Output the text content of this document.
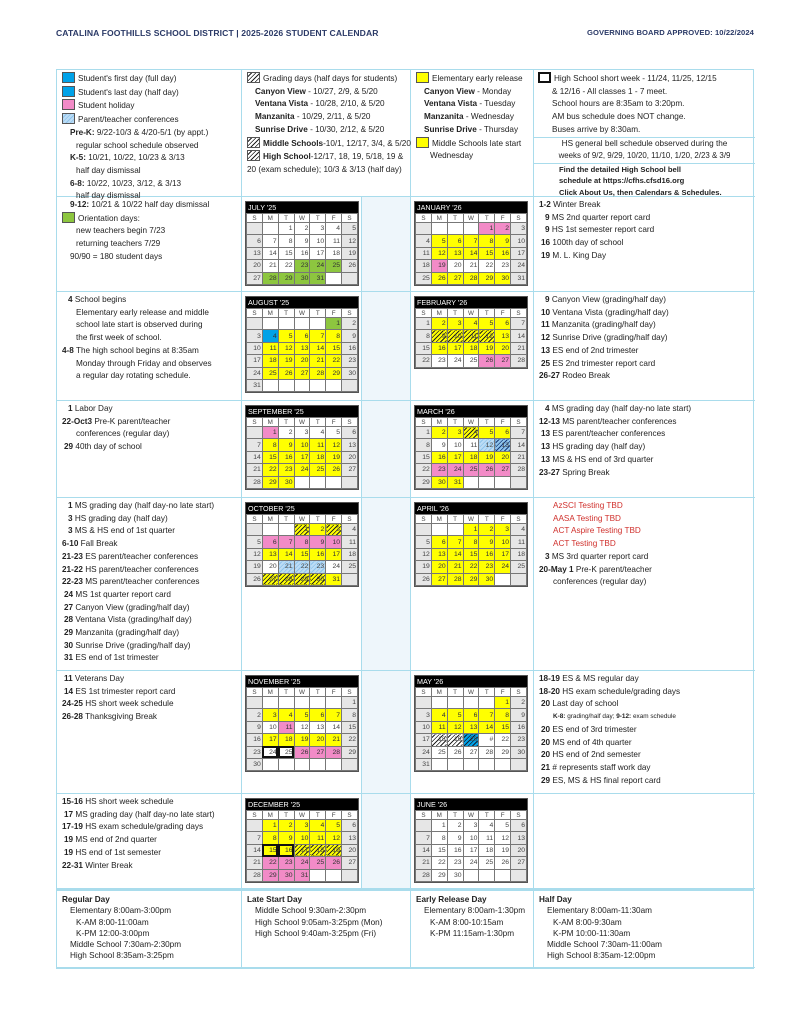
CATALINA FOOTHILLS SCHOOL DISTRICT | 2025-2026 STUDENT CALENDAR	GOVERNING BOARD APPROVED: 10/22/2024
Student's first day (full day)
Student's last day (half day)
Student holiday
Parent/teacher conferences
Pre-K: 9/22-10/3 & 4/20-5/1 (by appt.)
regular school schedule observed
K-5: 10/21, 10/22, 10/23 & 3/13
half day dismissal
6-8: 10/22, 10/23, 3/12, & 3/13
half day dismissal
Grading days (half days for students)
Canyon View - 10/27, 2/9, & 5/20
Ventana Vista - 10/28, 2/10, & 5/20
Manzanita - 10/29, 2/11, & 5/20
Sunrise Drive - 10/30, 2/12, & 5/20
Middle Schools-10/1, 12/17, 3/4, & 5/20
High School-12/17, 18, 19, 5/18, 19 &
20 (exam schedule); 10/3 & 3/13 (half day)
Elementary early release
Canyon View - Monday
Ventana Vista - Tuesday
Manzanita - Wednesday
Sunrise Drive - Thursday
Middle Schools late start
Wednesday
High School short week - 11/24, 11/25, 12/15
& 12/16 - All classes 1 - 7 meet.
School hours are 8:35am to 3:20pm.
AM bus schedule does NOT change.
Buses arrive by 8:30am.
HS general bell schedule observed during the
weeks of 9/2, 9/29, 10/20, 11/10, 1/20, 2/23 & 3/9
Find the detailed High School bell
schedule at https://cfhs.cfsd16.org
Click About Us, then Calendars & Schedules.
9-12: 10/21 & 10/22 half day dismissal
Orientation days:
new teachers begin 7/23
returning teachers 7/29
90/90 = 180 student days
JULY '25
S	M	T	W	T	F	S
		1	2	3	4	5
6	7	8	9	10	11	12
13	14	15	16	17	18	19
20	21	22	23	24	25	26
27	28	29	30	31		
JANUARY '26
S	M	T	W	T	F	S
				1	2	3
4	5	6	7	8	9	10
11	12	13	14	15	16	17
18	19	20	21	22	23	24
25	26	27	28	29	30	31
1-2 Winter Break
9 MS 2nd quarter report card
9 HS 1st semester report card
16 100th day of school
19 M. L. King Day
4 School begins
Elementary early release and middle
school late start is observed during
the first week of school.
4-8 The high school begins at 8:35am
Monday through Friday and observes
a regular day rotating schedule.
AUGUST '25
S	M	T	W	T	F	S
					1	2
3	4	5	6	7	8	9
10	11	12	13	14	15	16
17	18	19	20	21	22	23
24	25	26	27	28	29	30
31						
FEBRUARY '26
S	M	T	W	T	F	S
1	2	3	4	5	6	7
8	9	10	11	12	13	14
15	16	17	18	19	20	21
22	23	24	25	26	27	28
9 Canyon View (grading/half day)
10 Ventana Vista (grading/half day)
11 Manzanita (grading/half day)
12 Sunrise Drive (grading/half day)
13 ES end of 2nd trimester
25 ES 2nd trimester report card
26-27 Rodeo Break
1 Labor Day
22-Oct3 Pre-K parent/teacher
conferences (regular day)
29 40th day of school
SEPTEMBER '25
S	M	T	W	T	F	S
	1	2	3	4	5	6
7	8	9	10	11	12	13
14	15	16	17	18	19	20
21	22	23	24	25	26	27
28	29	30				
MARCH '26
S	M	T	W	T	F	S
1	2	3	4	5	6	7
8	9	10	11	12	13	14
15	16	17	18	19	20	21
22	23	24	25	26	27	28
29	30	31				
4 MS grading day (half day-no late start)
12-13 MS parent/teacher conferences
13 ES parent/teacher conferences
13 HS grading day (half day)
13 MS & HS end of 3rd quarter
23-27 Spring Break
1 MS grading day (half day-no late start)
3 HS grading day (half day)
3 MS & HS end of 1st quarter
6-10 Fall Break
21-23 ES parent/teacher conferences
21-22 HS parent/teacher conferences
22-23 MS parent/teacher conferences
24 MS 1st quarter report card
27 Canyon View (grading/half day)
28 Ventana Vista (grading/half day)
29 Manzanita (grading/half day)
30 Sunrise Drive (grading/half day)
31 ES end of 1st trimester
OCTOBER '25
S	M	T	W	T	F	S
			1	2	3	4
5	6	7	8	9	10	11
12	13	14	15	16	17	18
19	20	21	22	23	24	25
26	27	28	29	30	31	
APRIL '26
S	M	T	W	T	F	S
			1	2	3	4
5	6	7	8	9	10	11
12	13	14	15	16	17	18
19	20	21	22	23	24	25
26	27	28	29	30		
AzSCI Testing TBD
AASA Testing TBD
ACT Aspire Testing TBD
ACT Testing TBD
3 MS 3rd quarter report card
20-May 1 Pre-K parent/teacher
conferences (regular day)
11 Veterans Day
14 ES 1st trimester report card
24-25 HS short week schedule
26-28 Thanksgiving Break
NOVEMBER '25
S	M	T	W	T	F	S
						1
2	3	4	5	6	7	8
9	10	11	12	13	14	15
16	17	18	19	20	21	22
23	24	25	26	27	28	29
30						
MAY '26
S	M	T	W	T	F	S
					1	2
3	4	5	6	7	8	9
10	11	12	13	14	15	16
17	18	19	20	#	22	23
24	25	26	27	28	29	30
31						
18-19 ES & MS regular day
18-20 HS exam schedule/grading days
20 Last day of school
K-8: grading/half day; 9-12: exam schedule
20 ES end of 3rd trimester
20 MS end of 4th quarter
20 HS end of 2nd semester
21 # represents staff work day
29 ES, MS & HS final report card
15-16 HS short week schedule
17 MS grading day (half day-no late start)
17-19 HS exam schedule/grading days
19 MS end of 2nd quarter
19 HS end of 1st semester
22-31 Winter Break
DECEMBER '25
S	M	T	W	T	F	S
	1	2	3	4	5	6
7	8	9	10	11	12	13
14	15	16	17	18	19	20
21	22	23	24	25	26	27
28	29	30	31			
JUNE '26
S	M	T	W	T	F	S
	1	2	3	4	5	6
7	8	9	10	11	12	13
14	15	16	17	18	19	20
21	22	23	24	25	26	27
28	29	30				
Regular Day
Elementary 8:00am-3:00pm
K-AM 8:00-11:00am
K-PM 12:00-3:00pm
Middle School 7:30am-2:30pm
High School 8:35am-3:25pm
Late Start Day
Middle School 9:30am-2:30pm
High School 9:05am-3:25pm (Mon)
High School 9:40am-3:25pm (Fri)
Early Release Day
Elementary 8:00am-1:30pm
K-AM 8:00-10:15am
K-PM 11:15am-1:30pm
Half Day
Elementary 8:00am-11:30am
K-AM 8:00-9:30am
K-PM 10:00-11:30am
Middle School 7:30am-11:00am
High School 8:35am-12:00pm
